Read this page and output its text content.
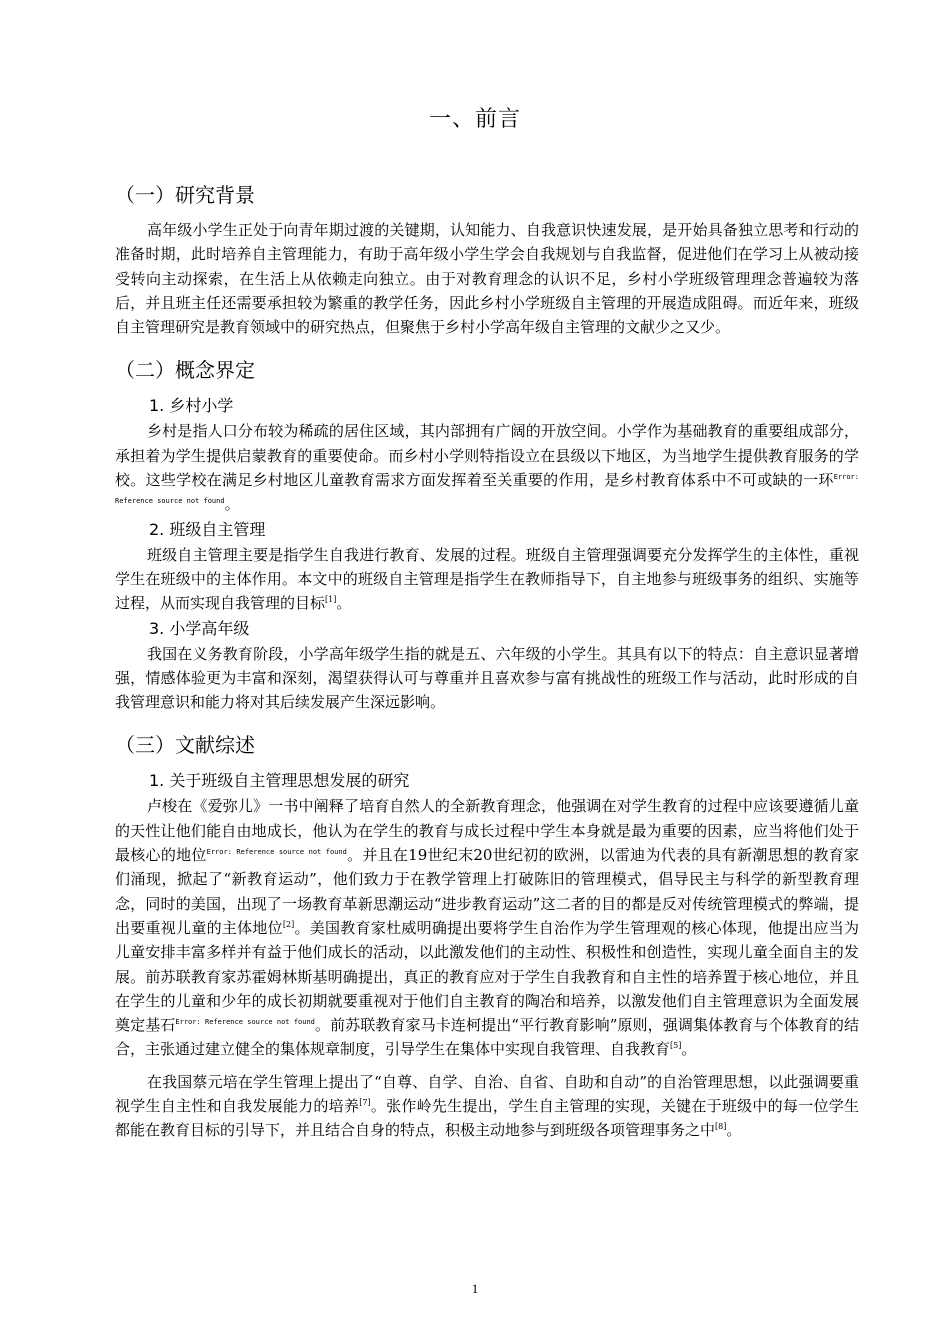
一、前言
（一）研究背景

高年级小学生正处于向青年期过渡的关键期，认知能力、自我意识快速发展，是开始具备独立思考和行动的准备时期，此时培养自主管理能力，有助于高年级小学生学会自我规划与自我监督，促进他们在学习上从被动接受转向主动探索，在生活上从依赖走向独立。由于对教育理念的认识不足，乡村小学班级管理理念普遍较为落后，并且班主任还需要承担较为繁重的教学任务，因此乡村小学班级自主管理的开展造成阻碍。而近年来，班级自主管理研究是教育领域中的研究热点，但聚焦于乡村小学高年级自主管理的文献少之又少。

（二）概念界定
1. 乡村小学

乡村是指人口分布较为稀疏的居住区域，其内部拥有广阔的开放空间。小学作为基础教育的重要组成部分，承担着为学生提供启蒙教育的重要使命。而乡村小学则特指设立在县级以下地区，为当地学生提供教育服务的学校。这些学校在满足乡村地区儿童教育需求方面发挥着至关重要的作用，是乡村教育体系中不可或缺的一环$^{Error: Reference source not found}$。

2. 班级自主管理

班级自主管理主要是指学生自我进行教育、发展的过程。班级自主管理强调要充分发挥学生的主体性，重视学生在班级中的主体作用。本文中的班级自主管理是指学生在教师指导下，自主地参与班级事务的组织、实施等过程，从而实现自我管理的目标[1]。

3. 小学高年级

我国在义务教育阶段，小学高年级学生指的就是五、六年级的小学生。其具有以下的特点：自主意识显著增强，情感体验更为丰富和深刻，渴望获得认可与尊重并且喜欢参与富有挑战性的班级工作与活动，此时形成的自我管理意识和能力将对其后续发展产生深远影响。

（三）文献综述
1. 关于班级自主管理思想发展的研究

卢梭在《爱弥儿》一书中阐释了培育自然人的全新教育理念，他强调在对学生教育的过程中应该要遵循儿童的天性让他们能自由地成长，他认为在学生的教育与成长过程中学生本身就是最为重要的因素，应当将他们处于最核心的地位$^{Error: Reference source not found}$。并且在19世纪末20世纪初的欧洲，以雷迪为代表的具有新潮思想的教育家们涌现，掀起了“新教育运动”，他们致力于在教学管理上打破陈旧的管理模式，倡导民主与科学的新型教育理念，同时的美国，出现了一场教育革新思潮运动“进步教育运动”这二者的目的都是反对传统管理模式的弊端，提出要重视儿童的主体地位[2]。美国教育家杜威明确提出要将学生自治作为学生管理观的核心体现，他提出应当为儿童安排丰富多样并有益于他们成长的活动，以此激发他们的主动性、积极性和创造性，实现儿童全面自主的发展。前苏联教育家苏霍姆林斯基明确提出，真正的教育应对于学生自我教育和自主性的培养置于核心地位，并且在学生的儿童和少年的成长初期就要重视对于他们自主教育的陶冶和培养，以激发他们自主管理意识为全面发展奠定基石$^{Error: Reference source not found}$。前苏联教育家马卡连柯提出“平行教育影响”原则，强调集体教育与个体教育的结合，主张通过建立健全的集体规章制度，引导学生在集体中实现自我管理、自我教育[5]。

在我国蔡元培在学生管理上提出了“自尊、自学、自治、自省、自助和自动”的自治管理思想，以此强调要重视学生自主性和自我发展能力的培养[7]。张作岭先生提出，学生自主管理的实现，关键在于班级中的每一位学生都能在教育目标的引导下，并且结合自身的特点，积极主动地参与到班级各项管理事务之中[8]。

1
